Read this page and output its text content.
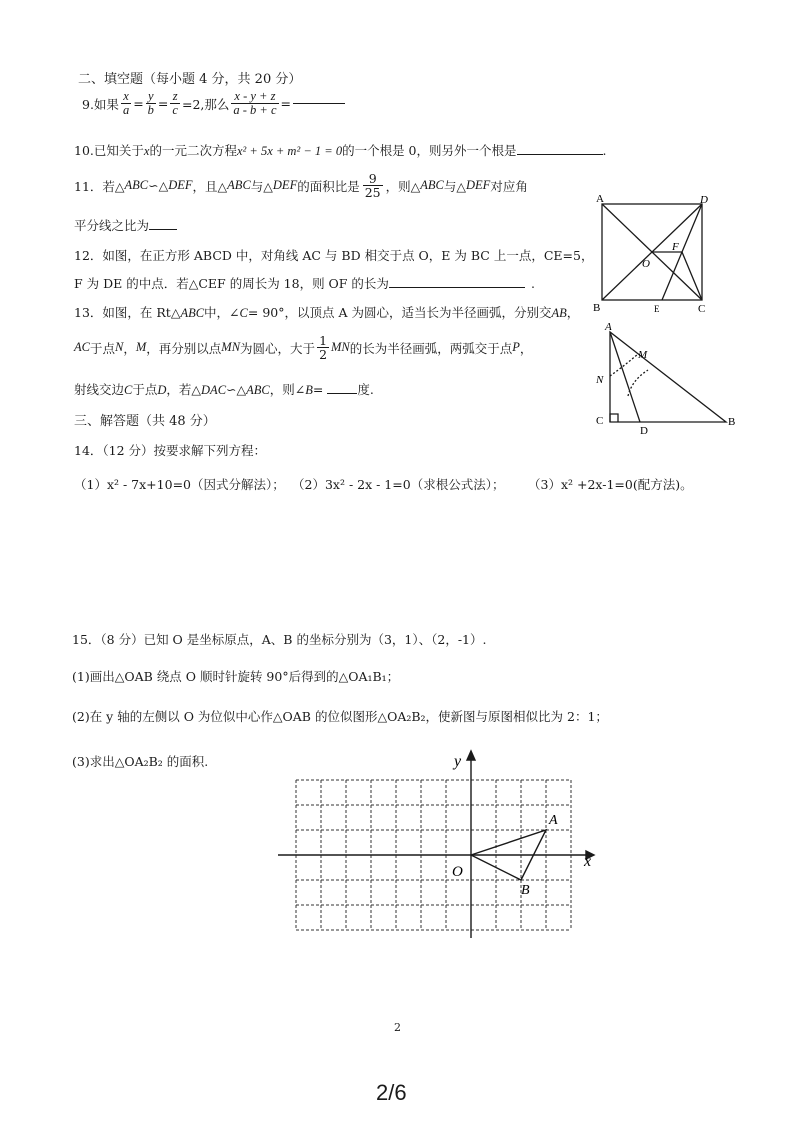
二、填空题（每小题 4 分，共 20 分）
9.如果 $\frac{x}{a} = \frac{y}{b} = \frac{z}{c} =2$,那么 $\frac{x - y + z}{a - b + c}$ =
10.已知关于x的一元二次方程x² + 5x + m² − 1 = 0的一个根是 0，则另外一个根是	.
11．若△ ABC ∽△ DEF ，且△ ABC 与△ DEF 的面积比是 $\frac{9}{25}$ ，则△ ABC 与△ DEF 对应角
平分线之比为
12．如图，在正方形 ABCD 中，对角线 AC 与 BD 相交于点 O，E 为 BC 上一点，CE=5，
F 为 DE 的中点．若△CEF 的周长为 18，则 OF 的长为	.
13．如图，在 Rt△ABC中，∠C= 90°，以顶点 A 为圆心，适当长为半径画弧，分别交AB，
AC 于点 N ， M ，再分别以点 MN 为圆心，大于 $\frac{1}{2}$ MN 的长为半径画弧，两弧交于点 P ，
射线交边C于点D，若△DAC∽△ABC，则∠B= 度.
三、解答题（共 48 分）
14．（12 分）按要求解下列方程：
（1）x² - 7x+10=0（因式分解法）； （2）3x² - 2x - 1=0（求根公式法）； （3）x² +2x-1=0(配方法)。
15．（8 分）已知 O 是坐标原点，A、B 的坐标分别为（3，1）、（2，-1）.
(1)画出△OAB 绕点 O 顺时针旋转 90°后得到的△OA₁B₁；
(2)在 y 轴的左侧以 O 为位似中心作△OAB 的位似图形△OA₂B₂，使新图与原图相似比为 2：1；
(3)求出△OA₂B₂ 的面积.
A	D
B	C
E
F
O
A
M
N
C
D
B
x
y
O
A
B
2
2/6
